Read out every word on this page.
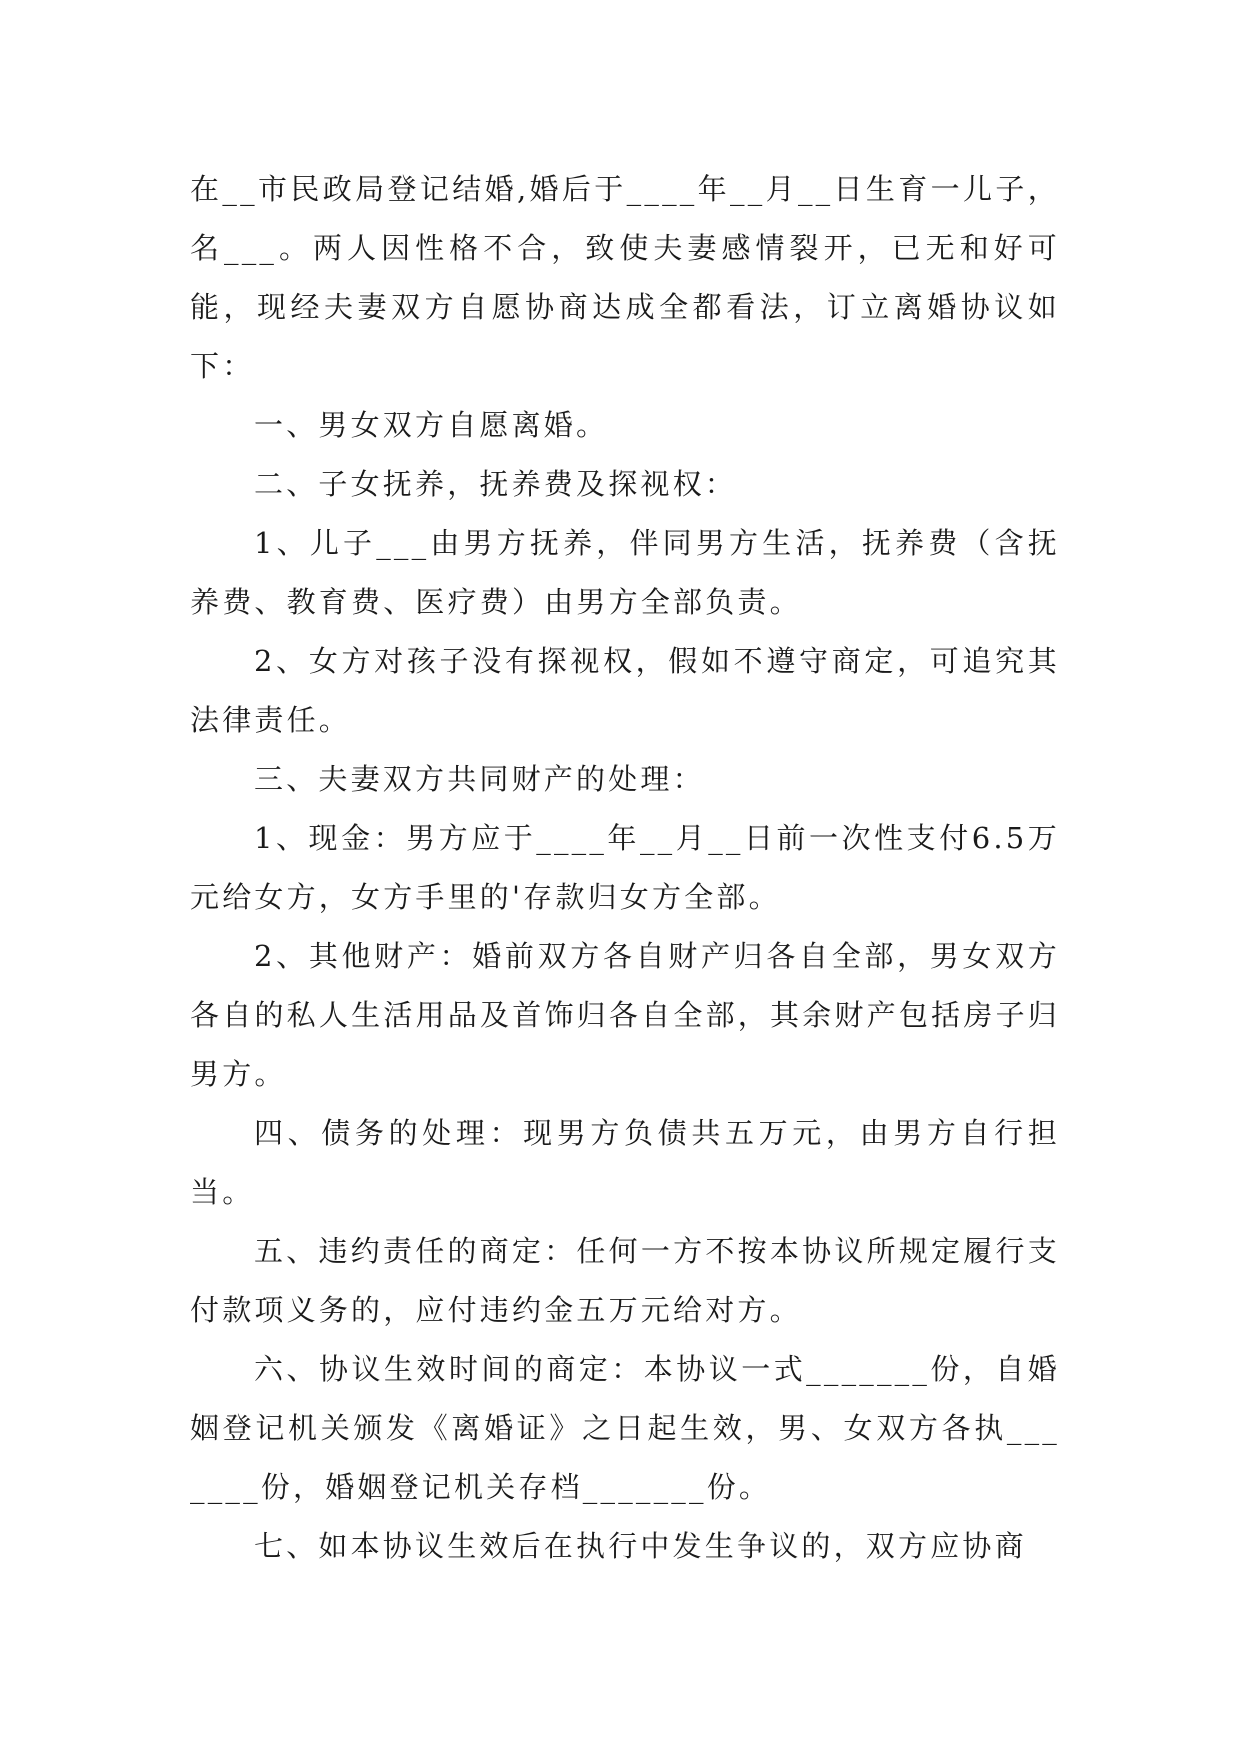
在__市民政局登记结婚,婚后于____年__月__日生育一儿子，名___。两人因性格不合，致使夫妻感情裂开，已无和好可能，现经夫妻双方自愿协商达成全都看法，订立离婚协议如下：

一、男女双方自愿离婚。

二、子女抚养，抚养费及探视权：

1、儿子___由男方抚养，伴同男方生活，抚养费（含抚养费、教育费、医疗费）由男方全部负责。

2、女方对孩子没有探视权，假如不遵守商定，可追究其法律责任。

三、夫妻双方共同财产的处理：

1、现金：男方应于____年__月__日前一次性支付6.5万元给女方，女方手里的'存款归女方全部。

2、其他财产：婚前双方各自财产归各自全部，男女双方各自的私人生活用品及首饰归各自全部，其余财产包括房子归男方。

四、债务的处理：现男方负债共五万元，由男方自行担当。

五、违约责任的商定：任何一方不按本协议所规定履行支付款项义务的，应付违约金五万元给对方。

六、协议生效时间的商定：本协议一式_______份，自婚姻登记机关颁发《离婚证》之日起生效，男、女双方各执_______份，婚姻登记机关存档_______份。

七、如本协议生效后在执行中发生争议的，双方应协商
